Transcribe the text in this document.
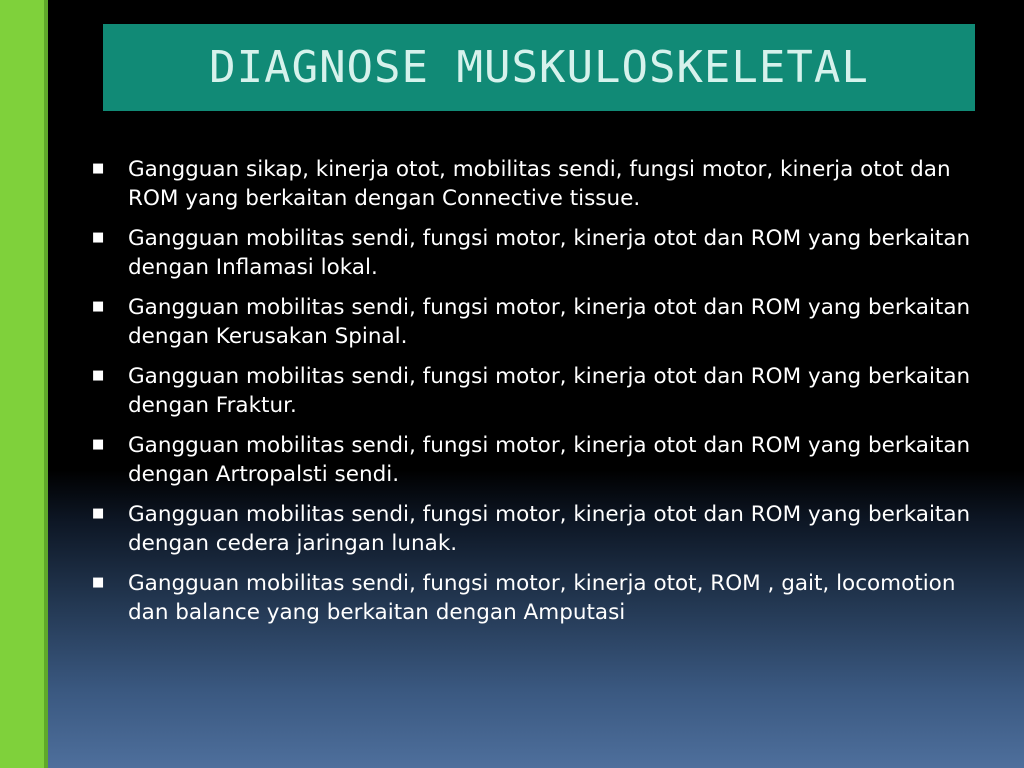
DIAGNOSE MUSKULOSKELETAL
■ Gangguan sikap, kinerja otot, mobilitas sendi, fungsi motor, kinerja otot dan ROM yang berkaitan dengan Connective tissue.
■ Gangguan mobilitas sendi, fungsi motor, kinerja otot dan ROM yang berkaitan dengan Inflamasi lokal.
■ Gangguan mobilitas sendi, fungsi motor, kinerja otot dan ROM yang berkaitan dengan Kerusakan Spinal.
■ Gangguan mobilitas sendi, fungsi motor, kinerja otot dan ROM yang berkaitan dengan Fraktur.
■ Gangguan mobilitas sendi, fungsi motor, kinerja otot dan ROM yang berkaitan dengan Artropalsti sendi.
■ Gangguan mobilitas sendi, fungsi motor, kinerja otot dan ROM yang berkaitan dengan cedera jaringan lunak.
■ Gangguan mobilitas sendi, fungsi motor, kinerja otot, ROM , gait, locomotion dan balance yang berkaitan dengan Amputasi
